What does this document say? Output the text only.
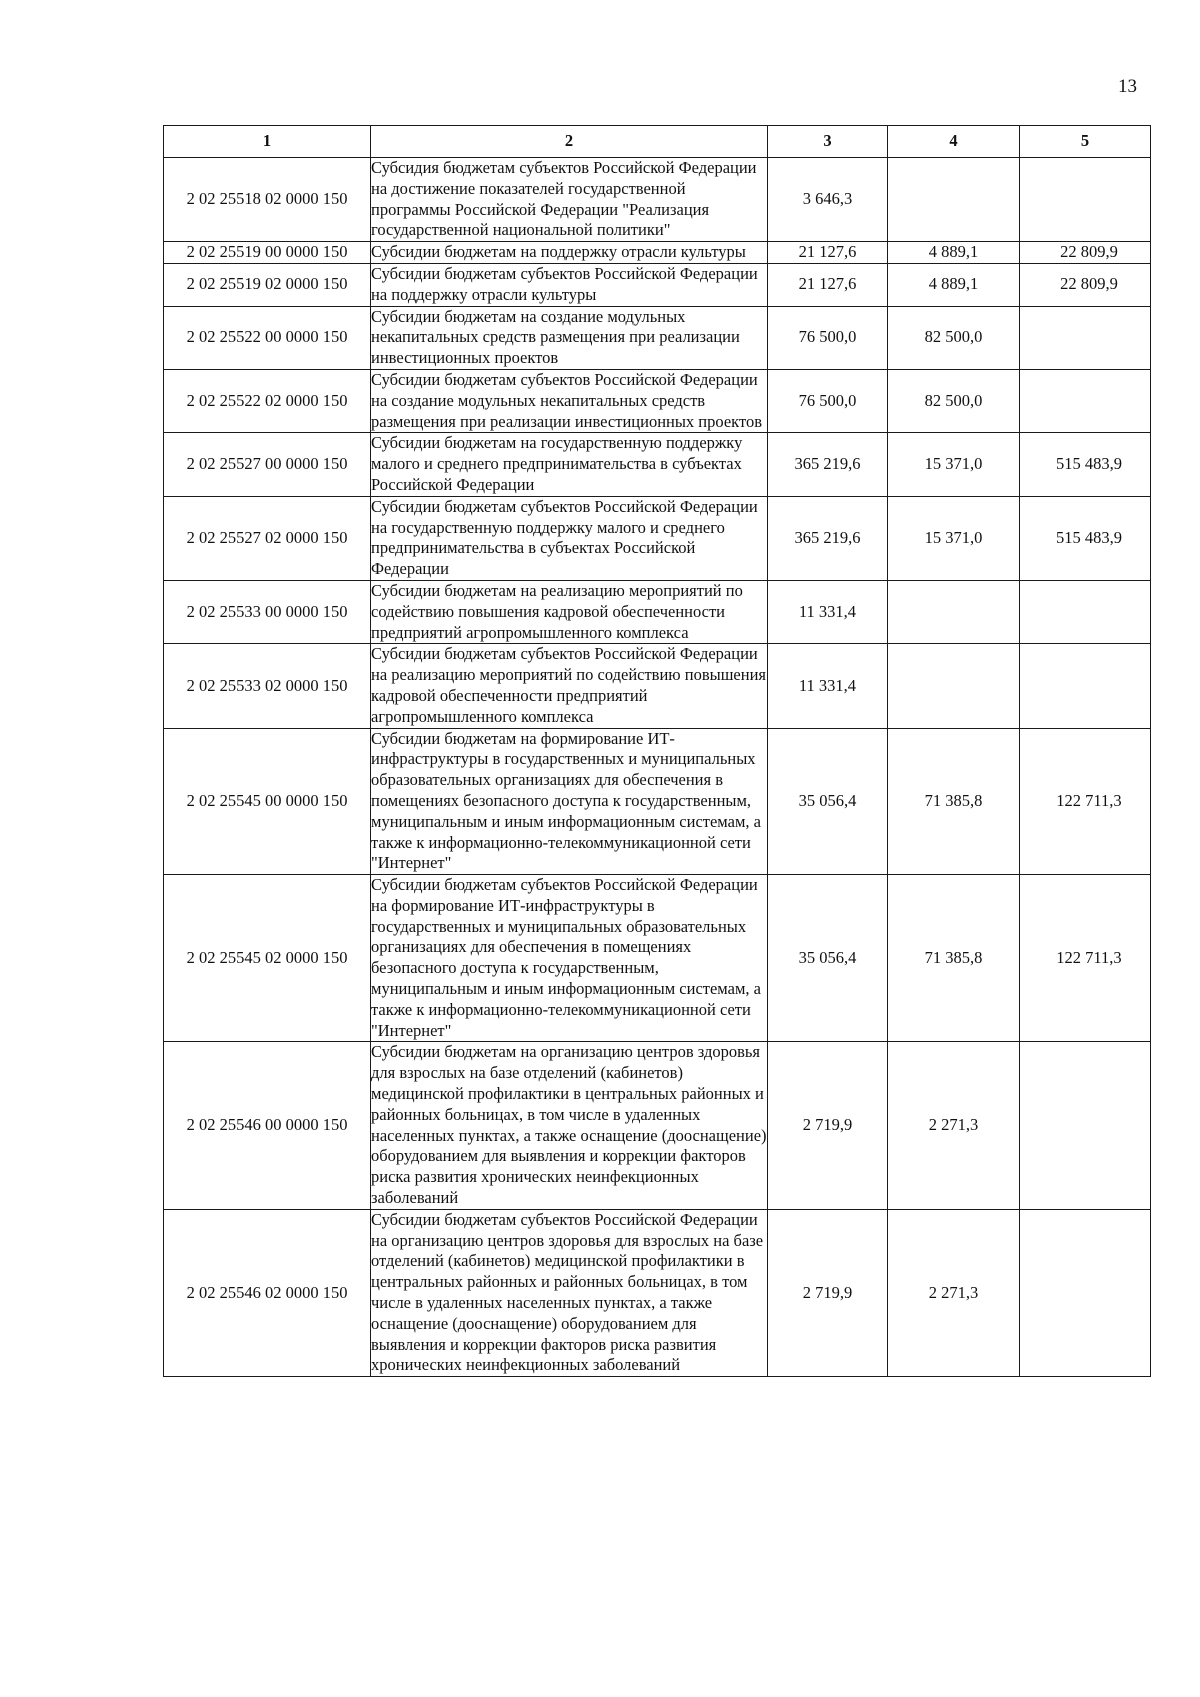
13
1	2	3	4	5
2 02 25518 02 0000 150	Субсидия бюджетам субъектов Российской Федерации на достижение показателей государственной программы Российской Федерации "Реализация государственной национальной политики"	3 646,3		
2 02 25519 00 0000 150	Субсидии бюджетам на поддержку отрасли культуры	21 127,6	4 889,1	22 809,9
2 02 25519 02 0000 150	Субсидии бюджетам субъектов Российской Федерации на поддержку отрасли культуры	21 127,6	4 889,1	22 809,9
2 02 25522 00 0000 150	Субсидии бюджетам на создание модульных некапитальных средств размещения при реализации инвестиционных проектов	76 500,0	82 500,0	
2 02 25522 02 0000 150	Субсидии бюджетам субъектов Российской Федерации на создание модульных некапитальных средств размещения при реализации инвестиционных проектов	76 500,0	82 500,0	
2 02 25527 00 0000 150	Субсидии бюджетам на государственную поддержку малого и среднего предпринимательства в субъектах Российской Федерации	365 219,6	15 371,0	515 483,9
2 02 25527 02 0000 150	Субсидии бюджетам субъектов Российской Федерации на государственную поддержку малого и среднего предпринимательства в субъектах Российской Федерации	365 219,6	15 371,0	515 483,9
2 02 25533 00 0000 150	Субсидии бюджетам на реализацию мероприятий по содействию повышения кадровой обеспеченности предприятий агропромышленного комплекса	11 331,4		
2 02 25533 02 0000 150	Субсидии бюджетам субъектов Российской Федерации на реализацию мероприятий по содействию повышения кадровой обеспеченности предприятий агропромышленного комплекса	11 331,4		
2 02 25545 00 0000 150	Субсидии бюджетам на формирование ИТ-инфраструктуры в государственных и муниципальных образовательных организациях для обеспечения в помещениях безопасного доступа к государственным, муниципальным и иным информационным системам, а также к информационно-телекоммуникационной сети "Интернет"	35 056,4	71 385,8	122 711,3
2 02 25545 02 0000 150	Субсидии бюджетам субъектов Российской Федерации на формирование ИТ-инфраструктуры в государственных и муниципальных образовательных организациях для обеспечения в помещениях безопасного доступа к государственным, муниципальным и иным информационным системам, а также к информационно-телекоммуникационной сети "Интернет"	35 056,4	71 385,8	122 711,3
2 02 25546 00 0000 150	Субсидии бюджетам на организацию центров здоровья для взрослых на базе отделений (кабинетов) медицинской профилактики в центральных районных и районных больницах, в том числе в удаленных населенных пунктах, а также оснащение (дооснащение) оборудованием для выявления и коррекции факторов риска развития хронических неинфекционных заболеваний	2 719,9	2 271,3	
2 02 25546 02 0000 150	Субсидии бюджетам субъектов Российской Федерации на организацию центров здоровья для взрослых на базе отделений (кабинетов) медицинской профилактики в центральных районных и районных больницах, в том числе в удаленных населенных пунктах, а также оснащение (дооснащение) оборудованием для выявления и коррекции факторов риска развития хронических неинфекционных заболеваний	2 719,9	2 271,3	
